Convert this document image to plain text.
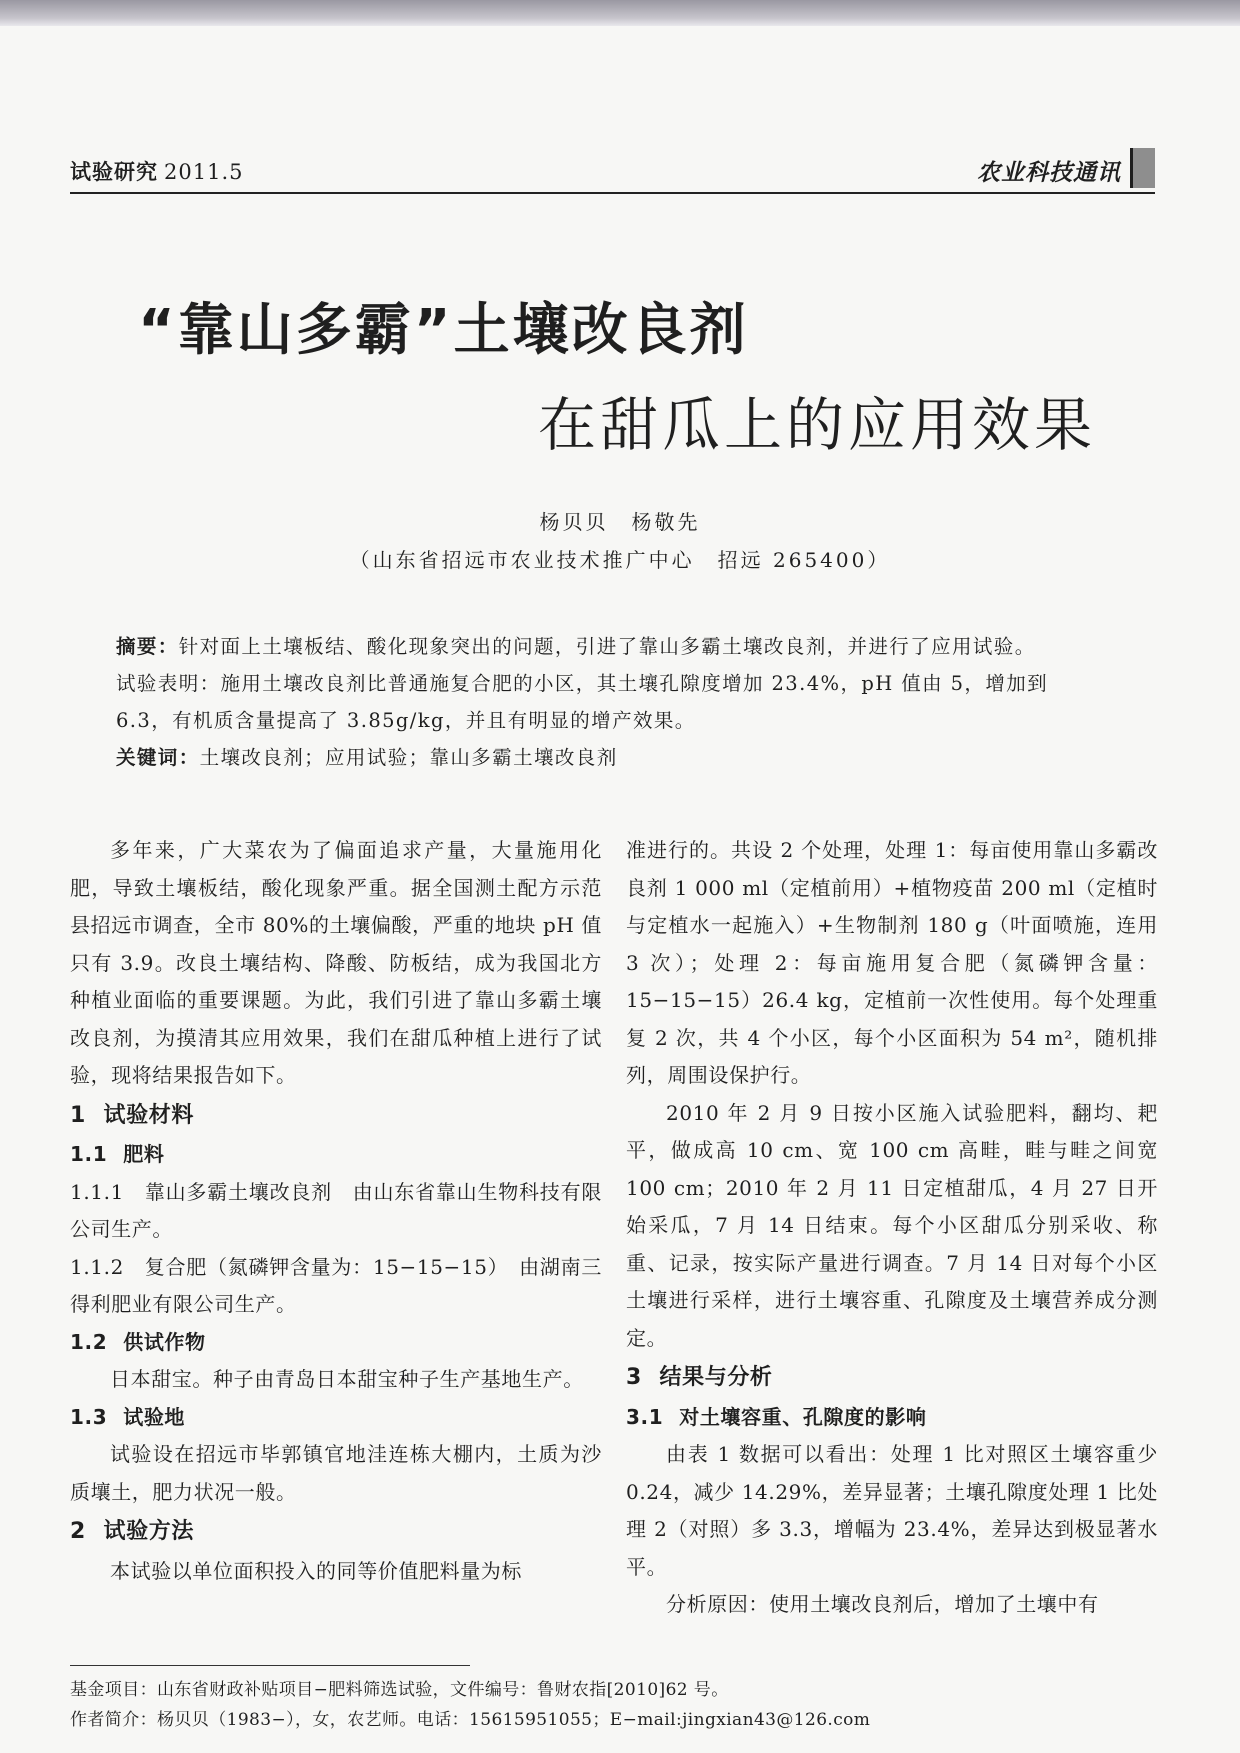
试验研究 2011.5	农业科技通讯
“靠山多霸”土壤改良剂
在甜瓜上的应用效果
杨贝贝　杨敬先
（山东省招远市农业技术推广中心　招远 265400）
摘要：针对面上土壤板结、酸化现象突出的问题，引进了靠山多霸土壤改良剂，并进行了应用试验。
试验表明：施用土壤改良剂比普通施复合肥的小区，其土壤孔隙度增加 23.4%，pH 值由 5，增加到
6.3，有机质含量提高了 3.85g/kg，并且有明显的增产效果。
关键词：土壤改良剂；应用试验；靠山多霸土壤改良剂

多年来，广大菜农为了偏面追求产量，大量施用化肥，导致土壤板结，酸化现象严重。据全国测土配方示范县招远市调查，全市 80%的土壤偏酸，严重的地块 pH 值只有 3.9。改良土壤结构、降酸、防板结，成为我国北方种植业面临的重要课题。为此，我们引进了靠山多霸土壤改良剂，为摸清其应用效果，我们在甜瓜种植上进行了试验，现将结果报告如下。

1 试验材料

1.1 肥料

1.1.1　靠山多霸土壤改良剂　由山东省靠山生物科技有限公司生产。

1.1.2　复合肥（氮磷钾含量为：15−15−15）　由湖南三得利肥业有限公司生产。

1.2 供试作物

日本甜宝。种子由青岛日本甜宝种子生产基地生产。

1.3 试验地

试验设在招远市毕郭镇官地洼连栋大棚内，土质为沙质壤土，肥力状况一般。

2 试验方法

本试验以单位面积投入的同等价值肥料量为标

准进行的。共设 2 个处理，处理 1：每亩使用靠山多霸改良剂 1 000 ml（定植前用）+植物疫苗 200 ml（定植时与定植水一起施入）+生物制剂 180 g（叶面喷施，连用 3 次）；处理 2：每亩施用复合肥（氮磷钾含量：15−15−15）26.4 kg，定植前一次性使用。每个处理重复 2 次，共 4 个小区，每个小区面积为 54 m²，随机排列，周围设保护行。

2010 年 2 月 9 日按小区施入试验肥料，翻均、耙平，做成高 10 cm、宽 100 cm 高畦，畦与畦之间宽 100 cm；2010 年 2 月 11 日定植甜瓜，4 月 27 日开始采瓜，7 月 14 日结束。每个小区甜瓜分别采收、称重、记录，按实际产量进行调查。7 月 14 日对每个小区土壤进行采样，进行土壤容重、孔隙度及土壤营养成分测定。

3 结果与分析

3.1 对土壤容重、孔隙度的影响

由表 1 数据可以看出：处理 1 比对照区土壤容重少 0.24，减少 14.29%，差异显著；土壤孔隙度处理 1 比处理 2（对照）多 3.3，增幅为 23.4%，差异达到极显著水平。

分析原因：使用土壤改良剂后，增加了土壤中有

基金项目：山东省财政补贴项目−肥料筛选试验，文件编号：鲁财农指[2010]62 号。
作者简介：杨贝贝（1983−），女，农艺师。电话：15615951055；E−mail:jingxian43@126.com
